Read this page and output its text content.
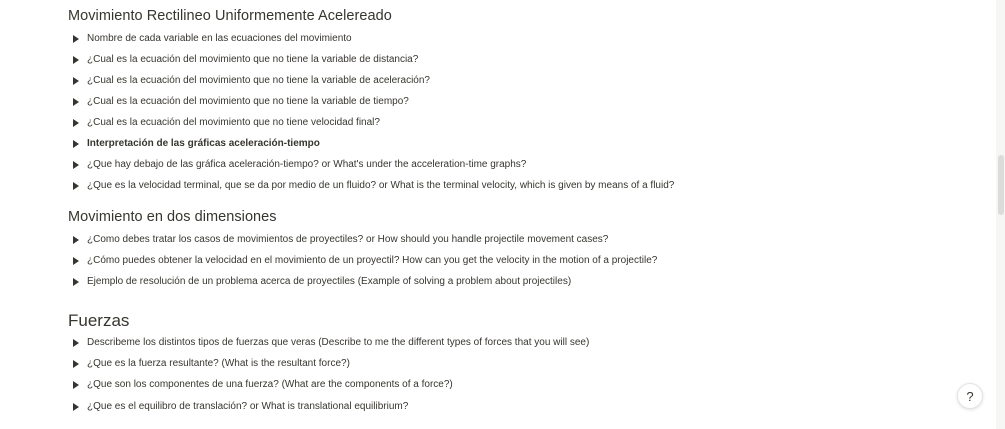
Movimiento Rectilineo Uniformemente Acelereado
Nombre de cada variable en las ecuaciones del movimiento
¿Cual es la ecuación del movimiento que no tiene la variable de distancia?
¿Cual es la ecuación del movimiento que no tiene la variable de aceleración?
¿Cual es la ecuación del movimiento que no tiene la variable de tiempo?
¿Cual es la ecuación del movimiento que no tiene velocidad final?
Interpretación de las gráficas aceleración-tiempo
¿Que hay debajo de las gráfica aceleración-tiempo? or What's under the acceleration-time graphs?
¿Que es la velocidad terminal, que se da por medio de un fluido? or What is the terminal velocity, which is given by means of a fluid?
Movimiento en dos dimensiones
¿Como debes tratar los casos de movimientos de proyectiles? or How should you handle projectile movement cases?
¿Cómo puedes obtener la velocidad en el movimiento de un proyectil? How can you get the velocity in the motion of a projectile?
Ejemplo de resolución de un problema acerca de proyectiles (Example of solving a problem about projectiles)
Fuerzas
Describeme los distintos tipos de fuerzas que veras (Describe to me the different types of forces that you will see)
¿Que es la fuerza resultante? (What is the resultant force?)
¿Que son los componentes de una fuerza? (What are the components of a force?)
¿Que es el equilibro de translación? or What is translational equilibrium?
?
